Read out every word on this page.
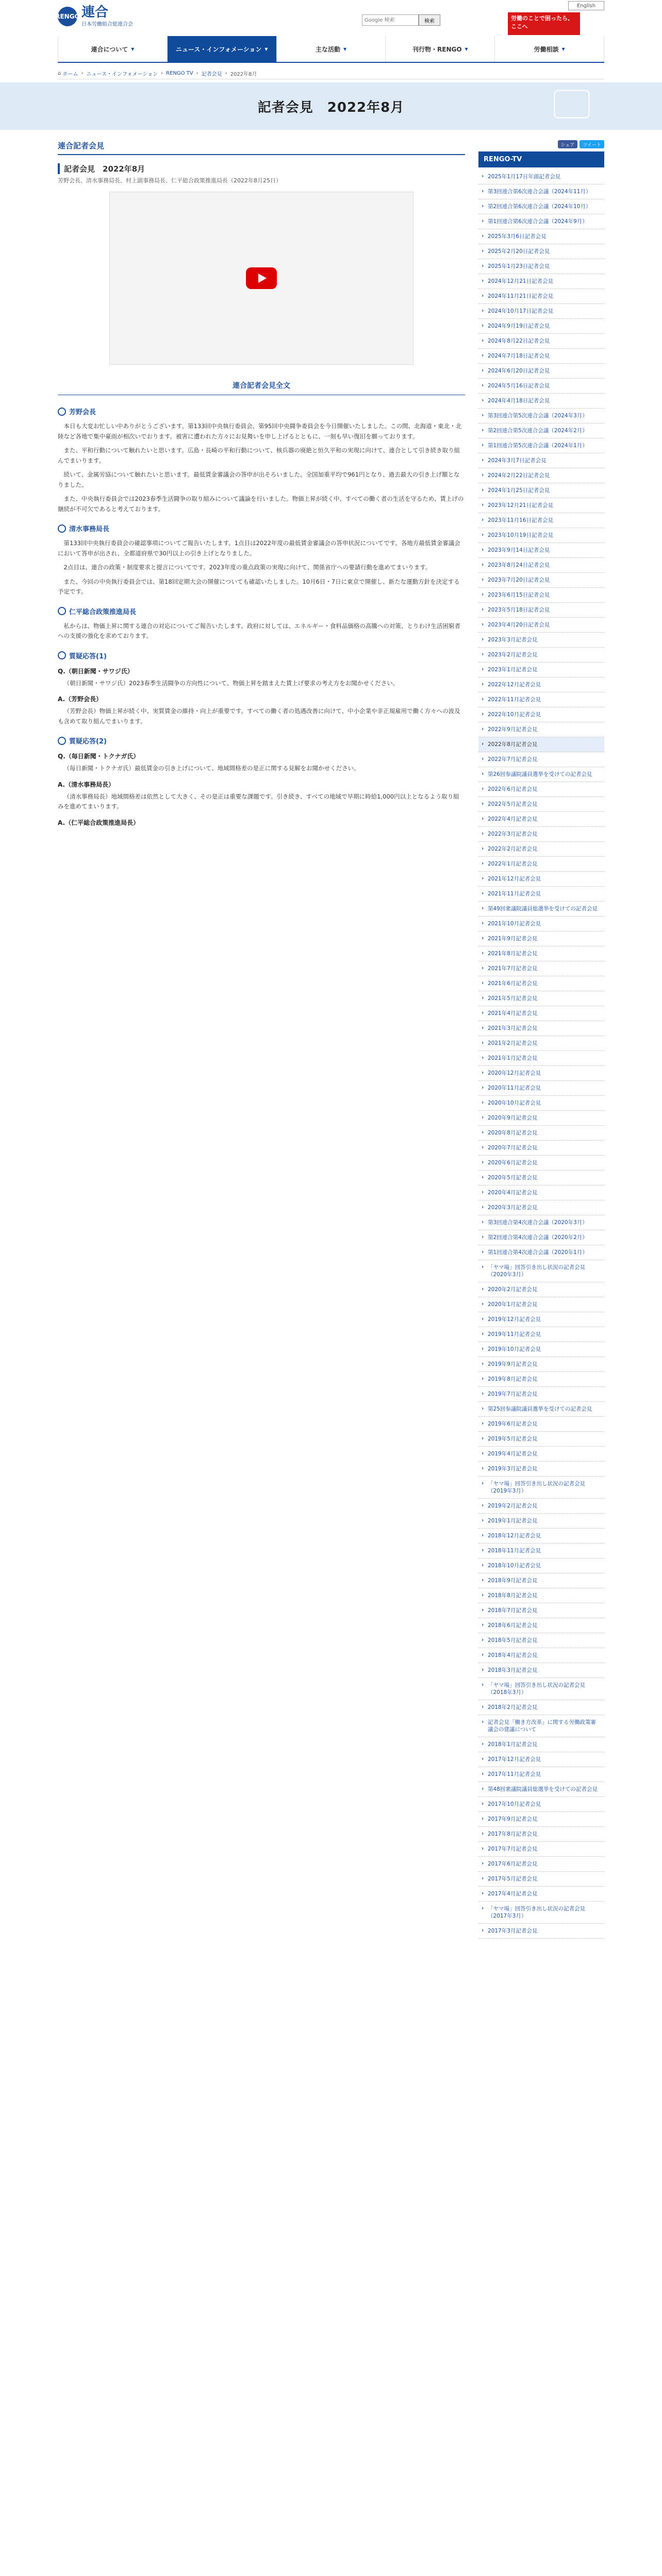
RENGO 連合
日本労働組合総連合会
Google 検索
検索
English
労働のことで困ったら、ここへ
連合について ▾	ニュース・インフォメーション ▾	主な活動 ▾	刊行物・RENGO ▾	労働相談 ▾
⌂ ホーム › ニュース・インフォメーション › RENGO TV › 記者会見 › 2022年8月
記者会見　2022年8月
連合記者会見
記者会見　2022年8月
芳野会長、清水事務局長、村上副事務局長、仁平総合政策推進局長（2022年8月25日）
連合記者会見全文
芳野会長

本日も大変お忙しい中ありがとうございます。第133回中央執行委員会、第95回中央闘争委員会を今日開催いたしました。この間、北海道・東北・北陸など各地で集中豪雨が相次いでおります。被害に遭われた方々にお見舞いを申し上げるとともに、一刻も早い復旧を願っております。

また、平和行動について触れたいと思います。広島・長崎の平和行動について、核兵器の廃絶と恒久平和の実現に向けて、連合として引き続き取り組んでまいります。

続いて、金属労協について触れたいと思います。最低賃金審議会の答申が出そろいました。全国加重平均で961円となり、過去最大の引き上げ額となりました。

また、中央執行委員会では2023春季生活闘争の取り組みについて議論を行いました。物価上昇が続く中、すべての働く者の生活を守るため、賃上げの継続が不可欠であると考えております。

清水事務局長

第133回中央執行委員会の確認事項についてご報告いたします。1点目は2022年度の最低賃金審議会の答申状況についてです。各地方最低賃金審議会において答申が出され、全都道府県で30円以上の引き上げとなりました。

2点目は、連合の政策・制度要求と提言についてです。2023年度の重点政策の実現に向けて、関係省庁への要請行動を進めてまいります。

また、今回の中央執行委員会では、第18回定期大会の開催についても確認いたしました。10月6日・7日に東京で開催し、新たな運動方針を決定する予定です。

仁平総合政策推進局長

私からは、物価上昇に関する連合の対応についてご報告いたします。政府に対しては、エネルギー・食料品価格の高騰への対策、とりわけ生活困窮者への支援の強化を求めております。

質疑応答(1)
Q.（朝日新聞・サワジ氏）

（朝日新聞・サワジ氏）2023春季生活闘争の方向性について、物価上昇を踏まえた賃上げ要求の考え方をお聞かせください。

A.（芳野会長）

（芳野会長）物価上昇が続く中、実質賃金の維持・向上が重要です。すべての働く者の処遇改善に向けて、中小企業や非正規雇用で働く方々への波及も含めて取り組んでまいります。

質疑応答(2)
Q.（毎日新聞・トクナガ氏）

（毎日新聞・トクナガ氏）最低賃金の引き上げについて、地域間格差の是正に関する見解をお聞かせください。

A.（清水事務局長）

（清水事務局長）地域間格差は依然として大きく、その是正は重要な課題です。引き続き、すべての地域で早期に時給1,000円以上となるよう取り組みを進めてまいります。

A.（仁平総合政策推進局長）
シェア	ツイート
RENGO-TV
› 2025年1月17日年頭記者会見
› 第3回連合第6次連合会議（2024年11月）
› 第2回連合第6次連合会議（2024年10月）
› 第1回連合第6次連合会議（2024年9月）
› 2025年3月6日記者会見
› 2025年2月20日記者会見
› 2025年1月23日記者会見
› 2024年12月21日記者会見
› 2024年11月21日記者会見
› 2024年10月17日記者会見
› 2024年9月19日記者会見
› 2024年8月22日記者会見
› 2024年7月18日記者会見
› 2024年6月20日記者会見
› 2024年5月16日記者会見
› 2024年4月18日記者会見
› 第3回連合第5次連合会議（2024年3月）
› 第2回連合第5次連合会議（2024年2月）
› 第1回連合第5次連合会議（2024年1月）
› 2024年3月7日記者会見
› 2024年2月22日記者会見
› 2024年1月25日記者会見
› 2023年12月21日記者会見
› 2023年11月16日記者会見
› 2023年10月19日記者会見
› 2023年9月14日記者会見
› 2023年8月24日記者会見
› 2023年7月20日記者会見
› 2023年6月15日記者会見
› 2023年5月18日記者会見
› 2023年4月20日記者会見
› 2023年3月記者会見
› 2023年2月記者会見
› 2023年1月記者会見
› 2022年12月記者会見
› 2022年11月記者会見
› 2022年10月記者会見
› 2022年9月記者会見
› 2022年8月記者会見
› 2022年7月記者会見
› 第26回参議院議員選挙を受けての記者会見
› 2022年6月記者会見
› 2022年5月記者会見
› 2022年4月記者会見
› 2022年3月記者会見
› 2022年2月記者会見
› 2022年1月記者会見
› 2021年12月記者会見
› 2021年11月記者会見
› 第49回衆議院議員総選挙を受けての記者会見
› 2021年10月記者会見
› 2021年9月記者会見
› 2021年8月記者会見
› 2021年7月記者会見
› 2021年6月記者会見
› 2021年5月記者会見
› 2021年4月記者会見
› 2021年3月記者会見
› 2021年2月記者会見
› 2021年1月記者会見
› 2020年12月記者会見
› 2020年11月記者会見
› 2020年10月記者会見
› 2020年9月記者会見
› 2020年8月記者会見
› 2020年7月記者会見
› 2020年6月記者会見
› 2020年5月記者会見
› 2020年4月記者会見
› 2020年3月記者会見
› 第3回連合第4次連合会議（2020年3月）
› 第2回連合第4次連合会議（2020年2月）
› 第1回連合第4次連合会議（2020年1月）
› 「ヤマ場」回答引き出し状況の記者会見（2020年3月）
› 2020年2月記者会見
› 2020年1月記者会見
› 2019年12月記者会見
› 2019年11月記者会見
› 2019年10月記者会見
› 2019年9月記者会見
› 2019年8月記者会見
› 2019年7月記者会見
› 第25回参議院議員選挙を受けての記者会見
› 2019年6月記者会見
› 2019年5月記者会見
› 2019年4月記者会見
› 2019年3月記者会見
› 「ヤマ場」回答引き出し状況の記者会見（2019年3月）
› 2019年2月記者会見
› 2019年1月記者会見
› 2018年12月記者会見
› 2018年11月記者会見
› 2018年10月記者会見
› 2018年9月記者会見
› 2018年8月記者会見
› 2018年7月記者会見
› 2018年6月記者会見
› 2018年5月記者会見
› 2018年4月記者会見
› 2018年3月記者会見
› 「ヤマ場」回答引き出し状況の記者会見（2018年3月）
› 2018年2月記者会見
› 記者会見「働き方改革」に関する労働政策審議会の建議について
› 2018年1月記者会見
› 2017年12月記者会見
› 2017年11月記者会見
› 第48回衆議院議員総選挙を受けての記者会見
› 2017年10月記者会見
› 2017年9月記者会見
› 2017年8月記者会見
› 2017年7月記者会見
› 2017年6月記者会見
› 2017年5月記者会見
› 2017年4月記者会見
› 「ヤマ場」回答引き出し状況の記者会見（2017年3月）
› 2017年3月記者会見
